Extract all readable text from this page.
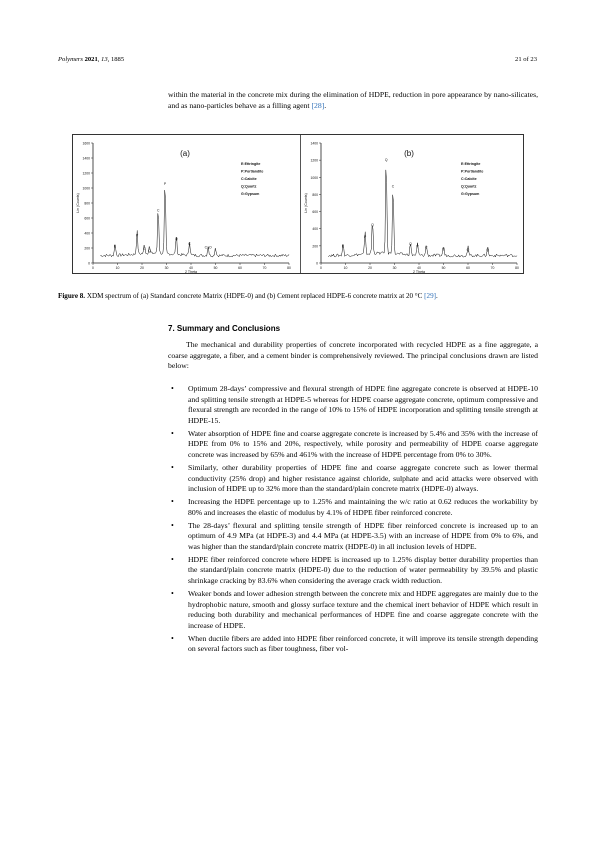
Polymers 2021, 13, 1885	21 of 23

within the material in the concrete mix during the elimination of HDPE, reduction in pore appearance by nano-silicates, and as nano-particles behave as a filling agent [28].

1600
1400
1200
1000
800
600
400
200
0
0	10	20	30	40	50	60	70	80
2 Theta
Lin (Counts)
E
P
G
Q
C
P
Q
C
CaO
(a)
E:Ettringite
P:Portlandite
C:Calcite
Q:Quartz
G:Gypsum
1400
1200
1000
800
600
400
200
0
0	10	20	30	40	50	60	70	80
2 Theta
Lin (Counts)
E
P
Q
Q
C
Q
P C	Q	Q	Q
(b)
E:Ettringite
P:Portlandite
C:Calcite
Q:Quartz
G:Gypsum
Figure 8. XDM spectrum of (a) Standard concrete Matrix (HDPE-0) and (b) Cement replaced HDPE-6 concrete matrix at 20 °C [29].
7. Summary and Conclusions

The mechanical and durability properties of concrete incorporated with recycled HDPE as a fine aggregate, a coarse aggregate, a fiber, and a cement binder is comprehensively reviewed. The principal conclusions drawn are listed below:

• Optimum 28-days’ compressive and flexural strength of HDPE fine aggregate concrete is observed at HDPE-10 and splitting tensile strength at HDPE-5 whereas for HDPE coarse aggregate concrete, optimum compressive and flexural strength are recorded in the range of 10% to 15% of HDPE incorporation and splitting tensile strength at HDPE-15.
• Water absorption of HDPE fine and coarse aggregate concrete is increased by 5.4% and 35% with the increase of HDPE from 0% to 15% and 20%, respectively, while porosity and permeability of HDPE coarse aggregate concrete was increased by 65% and 461% with the increase of HDPE percentage from 0% to 30%.
• Similarly, other durability properties of HDPE fine and coarse aggregate concrete such as lower thermal conductivity (25% drop) and higher resistance against chloride, sulphate and acid attacks were observed with inclusion of HDPE up to 32% more than the standard/plain concrete matrix (HDPE-0) always.
• Increasing the HDPE percentage up to 1.25% and maintaining the w/c ratio at 0.62 reduces the workability by 80% and increases the elastic of modulus by 4.1% of HDPE fiber reinforced concrete.
• The 28-days’ flexural and splitting tensile strength of HDPE fiber reinforced concrete is increased up to an optimum of 4.9 MPa (at HDPE-3) and 4.4 MPa (at HDPE-3.5) with an increase of HDPE from 0% to 6%, and was higher than the standard/plain concrete matrix (HDPE-0) in all inclusion levels of HDPE.
• HDPE fiber reinforced concrete where HDPE is increased up to 1.25% display better durability properties than the standard/plain concrete matrix (HDPE-0) due to the reduction of water permeability by 39.5% and plastic shrinkage cracking by 83.6% when considering the average crack width reduction.
• Weaker bonds and lower adhesion strength between the concrete mix and HDPE aggregates are mainly due to the hydrophobic nature, smooth and glossy surface texture and the chemical inert behavior of HDPE which result in reducing both durability and mechanical performances of HDPE fine and coarse aggregate concrete with the increase of HDPE.
• When ductile fibers are added into HDPE fiber reinforced concrete, it will improve its tensile strength depending on several factors such as fiber toughness, fiber vol-
